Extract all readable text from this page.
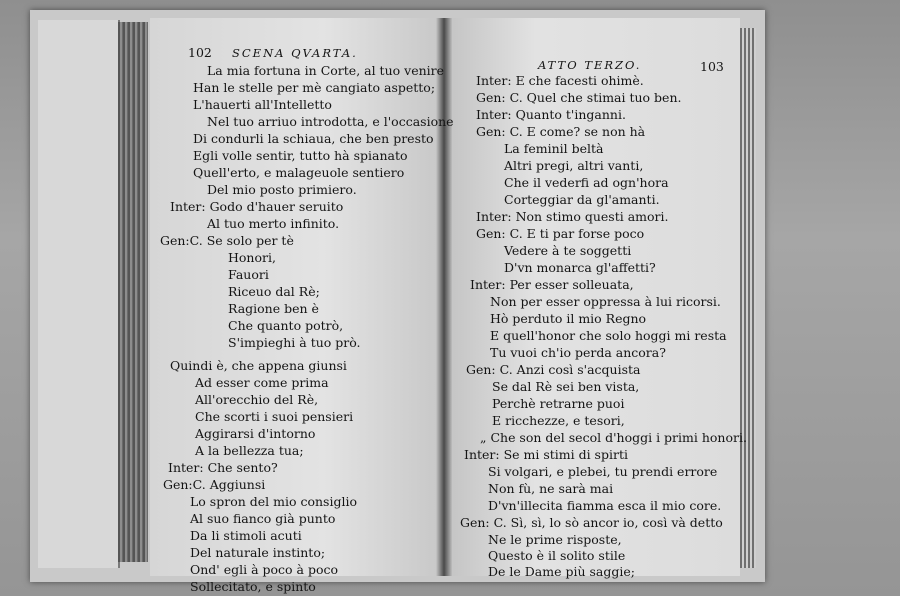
102 SCENA QVARTA.
La mia fortuna in Corte, al tuo venire
Han le stelle per mè cangiato aspetto;
L'hauerti all'Intelletto
Nel tuo arriuo introdotta, e l'occasione
Di condurli la schiaua, che ben presto
Egli volle sentir, tutto hà spianato
Quell'erto, e malageuole sentiero
Del mio posto primiero.
Inter: Godo d'hauer seruito
Al tuo merto infinito.
Gen:C. Se solo per tè
Honori,
Fauori
Riceuo dal Rè;
Ragione ben è
Che quanto potrò,
S'impieghi à tuo prò.
Quindi è, che appena giunsi
Ad esser come prima
All'orecchio del Rè,
Che scorti i suoi pensieri
Aggirarsi d'intorno
A la bellezza tua;
Inter: Che sento?
Gen:C. Aggiunsi
Lo spron del mio consiglio
Al suo fianco già punto
Da li stimoli acuti
Del naturale instinto;
Ond' egli à poco à poco
Sollecitato, e spinto
ATTO TERZO.	103
Inter: E che facesti ohimè.
Gen: C. Quel che stimai tuo ben.
Inter: Quanto t'inganni.
Gen: C. E come? se non hà
La feminil beltà
Altri pregi, altri vanti,
Che il vederfi ad ogn'hora
Corteggiar da gl'amanti.
Inter: Non stimo questi amori.
Gen: C. E ti par forse poco
Vedere à te soggetti
D'vn monarca gl'affetti?
Inter: Per esser solleuata,
Non per esser oppressa à lui ricorsi.
Hò perduto il mio Regno
E quell'honor che solo hoggi mi resta
Tu vuoi ch'io perda ancora?
Gen: C. Anzi così s'acquista
Se dal Rè sei ben vista,
Perchè retrarne puoi
E ricchezze, e tesori,
„ Che son del secol d'hoggi i primi honori.
Inter: Se mi stimi di spirti
Si volgari, e plebei, tu prendi errore
Non fù, ne sarà mai
D'vn'illecita fiamma esca il mio core.
Gen: C. Sì, sì, lo sò ancor io, così và detto
Ne le prime risposte,
Questo è il solito stile
De le Dame più saggie;
